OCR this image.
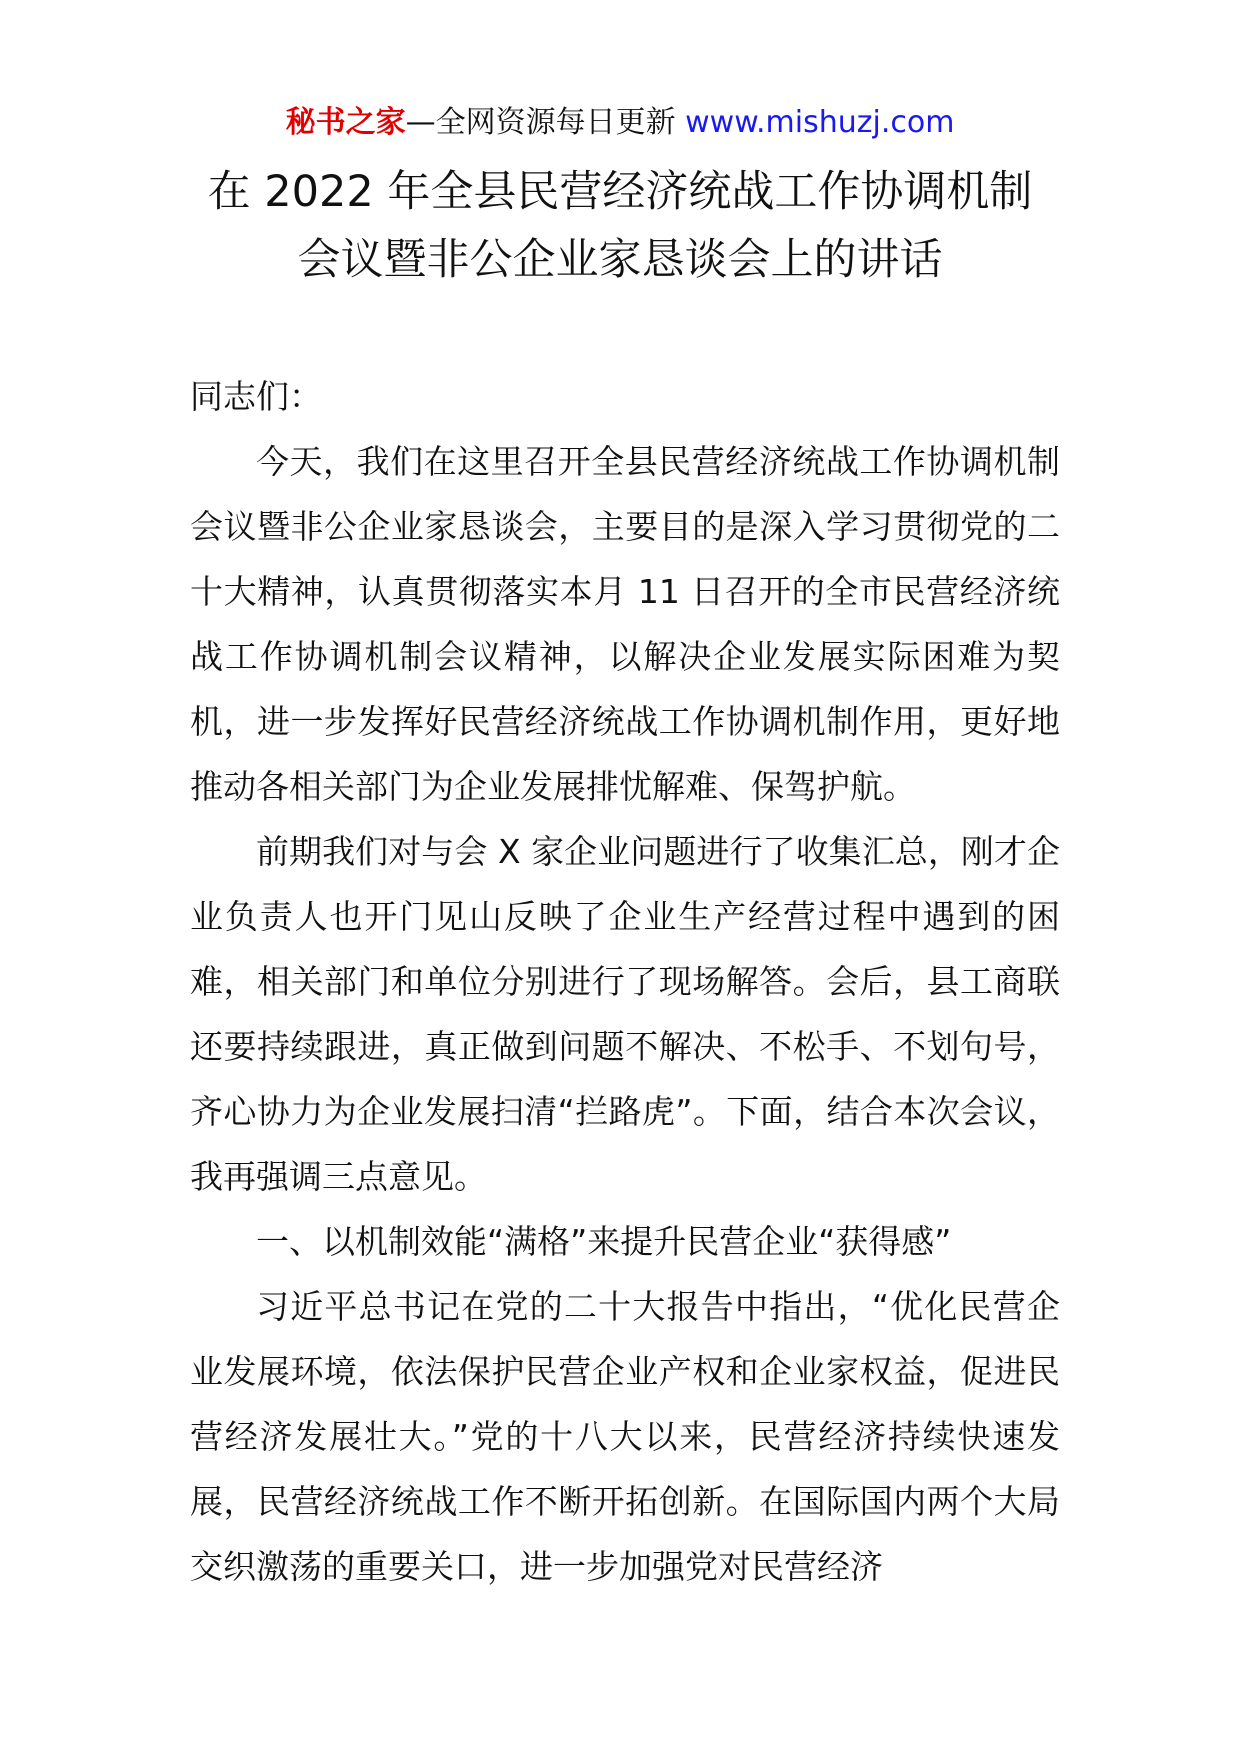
秘书之家—全网资源每日更新 www.mishuzj.com
在 2022 年全县民营经济统战工作协调机制
会议暨非公企业家恳谈会上的讲话

同志们：

今天，我们在这里召开全县民营经济统战工作协调机制会议暨非公企业家恳谈会，主要目的是深入学习贯彻党的二十大精神，认真贯彻落实本月 11 日召开的全市民营经济统战工作协调机制会议精神，以解决企业发展实际困难为契机，进一步发挥好民营经济统战工作协调机制作用，更好地推动各相关部门为企业发展排忧解难、保驾护航。

前期我们对与会 X 家企业问题进行了收集汇总，刚才企业负责人也开门见山反映了企业生产经营过程中遇到的困难，相关部门和单位分别进行了现场解答。会后，县工商联还要持续跟进，真正做到问题不解决、不松手、不划句号，齐心协力为企业发展扫清“拦路虎”。下面，结合本次会议，我再强调三点意见。

一、以机制效能“满格”来提升民营企业“获得感”

习近平总书记在党的二十大报告中指出，“优化民营企业发展环境，依法保护民营企业产权和企业家权益，促进民营经济发展壮大。”党的十八大以来，民营经济持续快速发展，民营经济统战工作不断开拓创新。在国际国内两个大局交织激荡的重要关口，进一步加强党对民营经济
